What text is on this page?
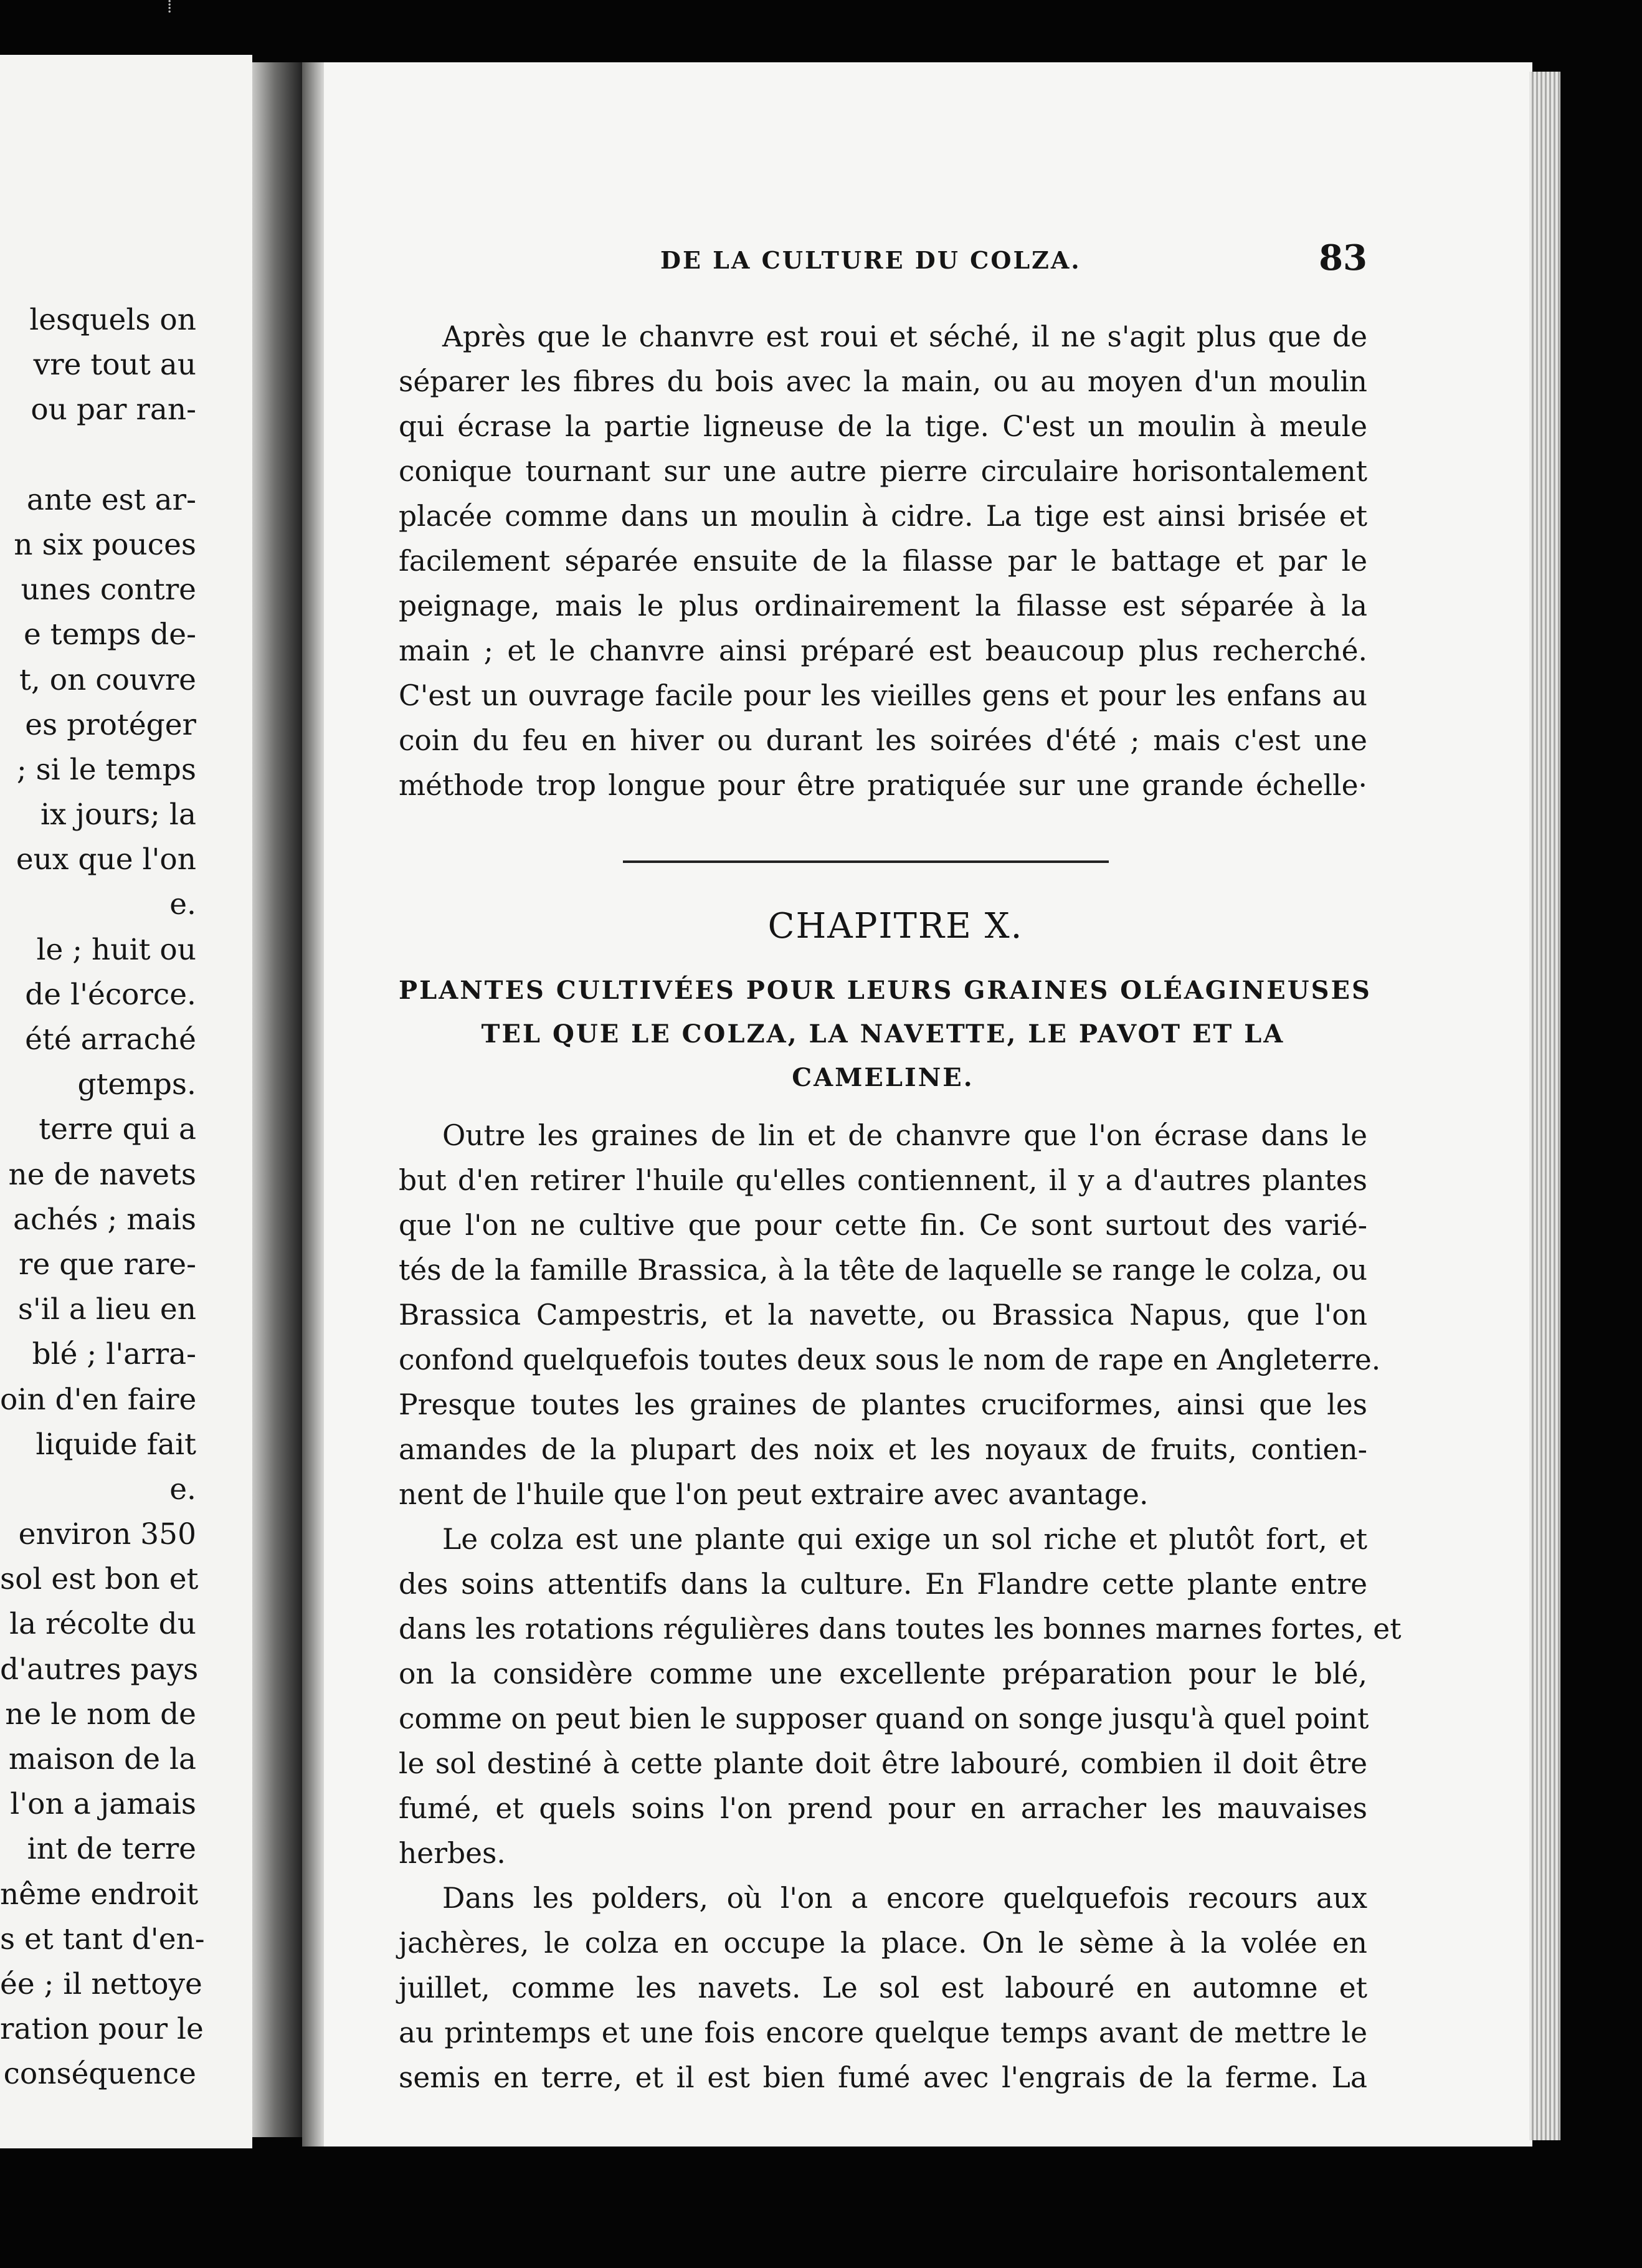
⁞
lesquels on
vre tout au
ou par ran-
ante est ar-
n six pouces
unes contre
e temps de-
t, on couvre
es protéger
; si le temps
ix jours; la
eux que l'on
e.
le ; huit ou
de l'écorce.
été arraché
gtemps.
terre qui a
ne de navets
achés ; mais
re que rare-
s'il a lieu en
blé ; l'arra-
oin d'en faire
liquide fait
e.
environ 350
sol est bon et
la récolte du
d'autres pays
ne le nom de
maison de la
l'on a jamais
int de terre
nême endroit
s et tant d'en-
ée ; il nettoye
ration pour le
conséquence
DE LA CULTURE DU COLZA.	83
Après que le chanvre est roui et séché, il ne s'agit plus que de
séparer les fibres du bois avec la main, ou au moyen d'un moulin
qui écrase la partie ligneuse de la tige. C'est un moulin à meule
conique tournant sur une autre pierre circulaire horisontalement
placée comme dans un moulin à cidre. La tige est ainsi brisée et
facilement séparée ensuite de la filasse par le battage et par le
peignage, mais le plus ordinairement la filasse est séparée à la
main ; et le chanvre ainsi préparé est beaucoup plus recherché.
C'est un ouvrage facile pour les vieilles gens et pour les enfans au
coin du feu en hiver ou durant les soirées d'été ; mais c'est une
méthode trop longue pour être pratiquée sur une grande échelle·
CHAPITRE X.
PLANTES CULTIVÉES POUR LEURS GRAINES OLÉAGINEUSES
TEL QUE LE COLZA, LA NAVETTE, LE PAVOT ET LA
CAMELINE.
Outre les graines de lin et de chanvre que l'on écrase dans le
but d'en retirer l'huile qu'elles contiennent, il y a d'autres plantes
que l'on ne cultive que pour cette fin. Ce sont surtout des varié-
tés de la famille Brassica, à la tête de laquelle se range le colza, ou
Brassica Campestris, et la navette, ou Brassica Napus, que l'on
confond quelquefois toutes deux sous le nom de rape en Angleterre.
Presque toutes les graines de plantes cruciformes, ainsi que les
amandes de la plupart des noix et les noyaux de fruits, contien-
nent de l'huile que l'on peut extraire avec avantage.
Le colza est une plante qui exige un sol riche et plutôt fort, et
des soins attentifs dans la culture. En Flandre cette plante entre
dans les rotations régulières dans toutes les bonnes marnes fortes, et
on la considère comme une excellente préparation pour le blé,
comme on peut bien le supposer quand on songe jusqu'à quel point
le sol destiné à cette plante doit être labouré, combien il doit être
fumé, et quels soins l'on prend pour en arracher les mauvaises
herbes.
Dans les polders, où l'on a encore quelquefois recours aux
jachères, le colza en occupe la place. On le sème à la volée en
juillet, comme les navets. Le sol est labouré en automne et
au printemps et une fois encore quelque temps avant de mettre le
semis en terre, et il est bien fumé avec l'engrais de la ferme. La
